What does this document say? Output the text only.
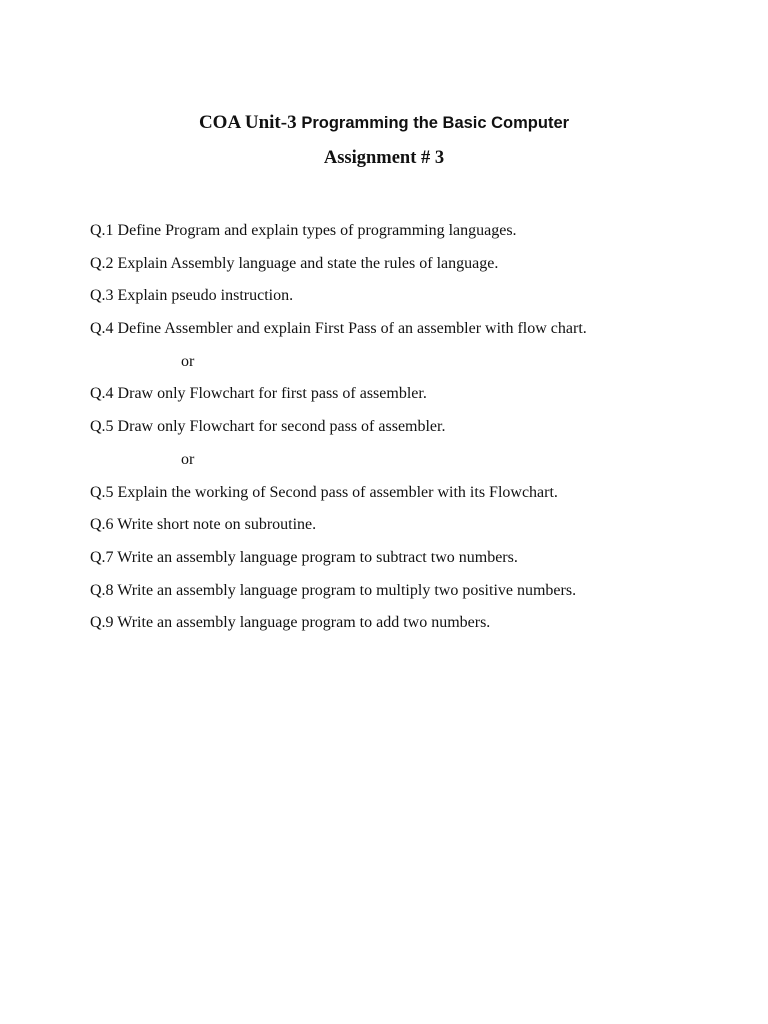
COA Unit-3 Programming the Basic Computer
Assignment # 3
Q.1 Define Program and explain types of programming languages.
Q.2 Explain Assembly language and state the rules of language.
Q.3 Explain pseudo instruction.
Q.4 Define Assembler and explain First Pass of an assembler with flow chart.
or
Q.4 Draw only Flowchart for first pass of assembler.
Q.5 Draw only Flowchart for second pass of assembler.
or
Q.5 Explain the working of Second pass of assembler with its Flowchart.
Q.6 Write short note on subroutine.
Q.7 Write an assembly language program to subtract two numbers.
Q.8 Write an assembly language program to multiply two positive numbers.
Q.9 Write an assembly language program to add two numbers.
